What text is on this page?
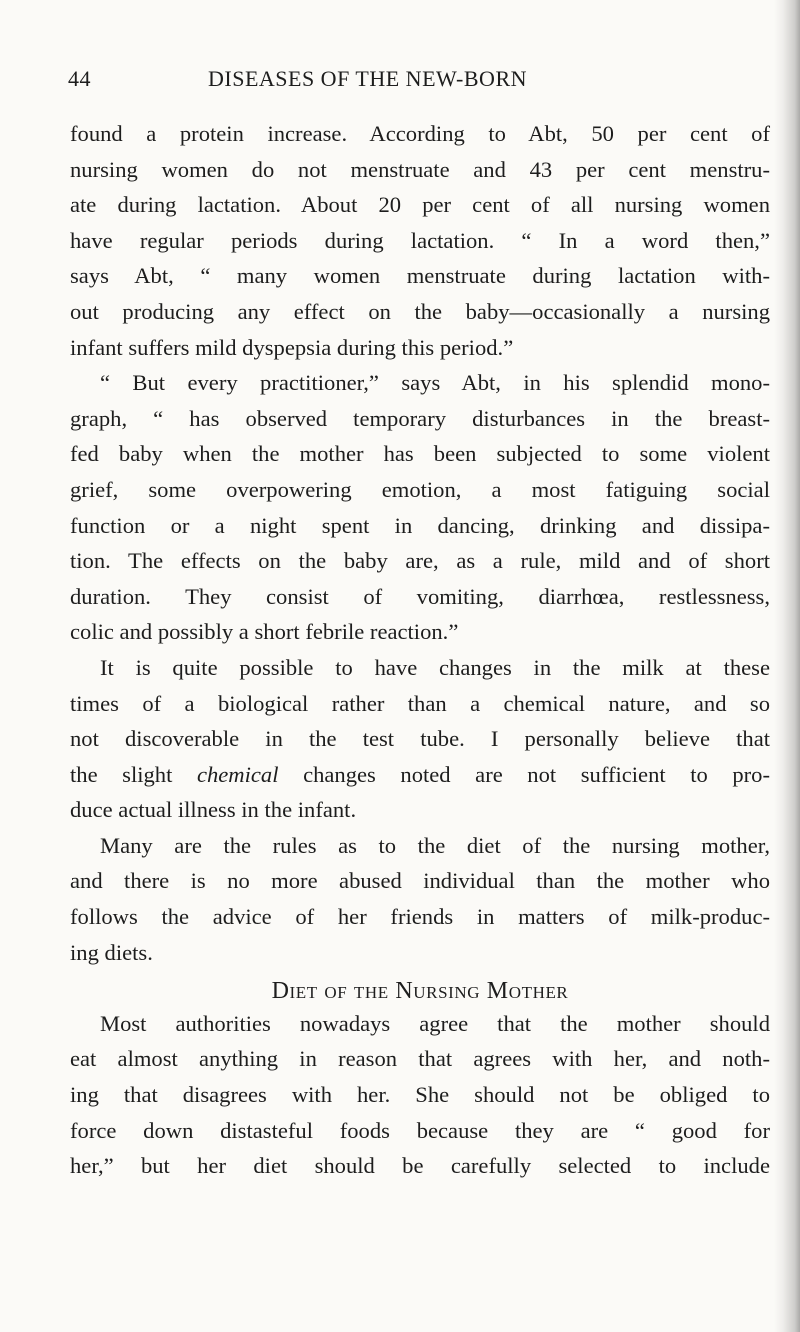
44	DISEASES OF THE NEW-BORN
found a protein increase. According to Abt, 50 per cent of
nursing women do not menstruate and 43 per cent menstru-
ate during lactation. About 20 per cent of all nursing women
have regular periods during lactation. “ In a word then,”
says Abt, “ many women menstruate during lactation with-
out producing any effect on the baby—occasionally a nursing
infant suffers mild dyspepsia during this period.”
“ But every practitioner,” says Abt, in his splendid mono-
graph, “ has observed temporary disturbances in the breast-
fed baby when the mother has been subjected to some violent
grief, some overpowering emotion, a most fatiguing social
function or a night spent in dancing, drinking and dissipa-
tion. The effects on the baby are, as a rule, mild and of short
duration. They consist of vomiting, diarrhœa, restlessness,
colic and possibly a short febrile reaction.”
It is quite possible to have changes in the milk at these
times of a biological rather than a chemical nature, and so
not discoverable in the test tube. I personally believe that
the slight chemical changes noted are not sufficient to pro-
duce actual illness in the infant.
Many are the rules as to the diet of the nursing mother,
and there is no more abused individual than the mother who
follows the advice of her friends in matters of milk-produc-
ing diets.
Diet of the Nursing Mother
Most authorities nowadays agree that the mother should
eat almost anything in reason that agrees with her, and noth-
ing that disagrees with her. She should not be obliged to
force down distasteful foods because they are “ good for
her,” but her diet should be carefully selected to include
